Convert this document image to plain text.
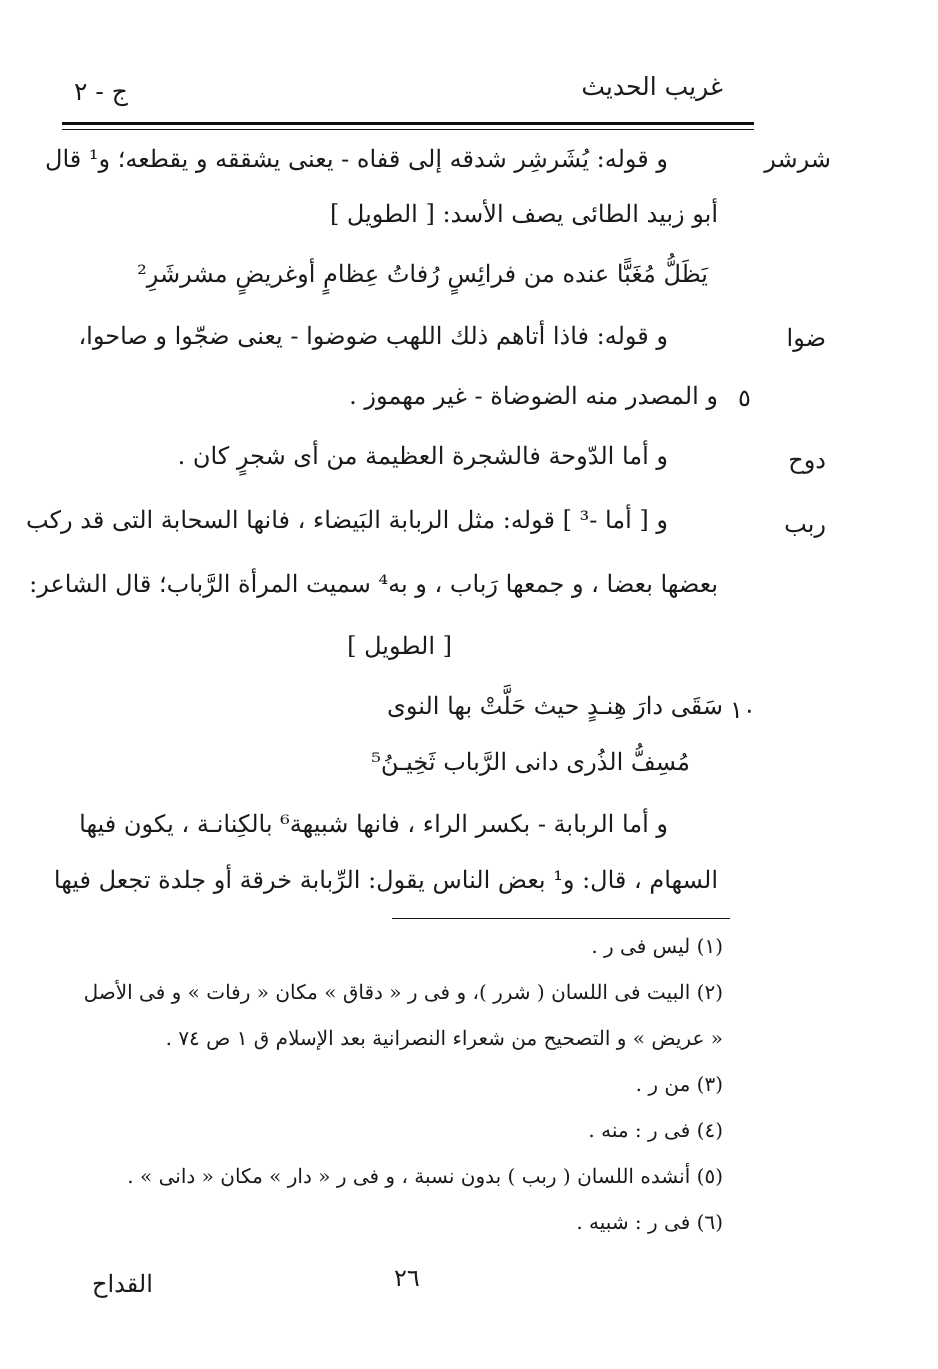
غريب الحديث
ج - ٢
شرشر
و قوله: يُشَرشِر شدقه إلى قفاه - يعنى يشققه و يقطعه؛ و¹ قال
أبو زبيد الطائى يصف الأسد: [ الطويل ]
يَظَلُّ مُغَبًّا عنده من فرائِسٍ رُفاتُ عِظامٍ أوغريضٍ مشرشَرِ²
ضوا
و قوله: فاذا أتاهم ذلك اللهب ضوضوا - يعنى ضجّوا و صاحوا،
٥
و المصدر منه الضوضاة - غير مهموز .
دوح
و أما الدّوحة فالشجرة العظيمة من أى شجرٍ كان .
ربب
و [ أما -³ ] قوله: مثل الربابة البَيضاء ، فانها السحابة التى قد ركب
بعضها بعضا ، و جمعها رَباب ، و به⁴ سميت المرأة الرَّباب؛ قال الشاعر:
[ الطويل ]
١٠
سَقَى دارَ هِنـدٍ حيث حَلَّتْ بها النوى
مُسِفُّ الذُرى دانى الرَّباب ثَخِيـنُ⁵
و أما الربابة - بكسر الراء ، فانها شبيهة⁶ بالكِنانـة ، يكون فيها
السهام ، قال: و¹ بعض الناس يقول: الرِّبابة خرقة أو جلدة تجعل فيها
(١) ليس فى ر .
(٢) البيت فى اللسان ( شرر )، و فى ر « دقاق » مكان « رفات » و فى الأصل
« عريض » و التصحيح من شعراء النصرانية بعد الإسلام ق ١ ص ٧٤ .
(٣) من ر .
(٤) فى ر : منه .
(٥) أنشده اللسان ( ربب ) بدون نسبة ، و فى ر « دار » مكان « دانى » .
(٦) فى ر : شبيه .
٢٦
القداح
